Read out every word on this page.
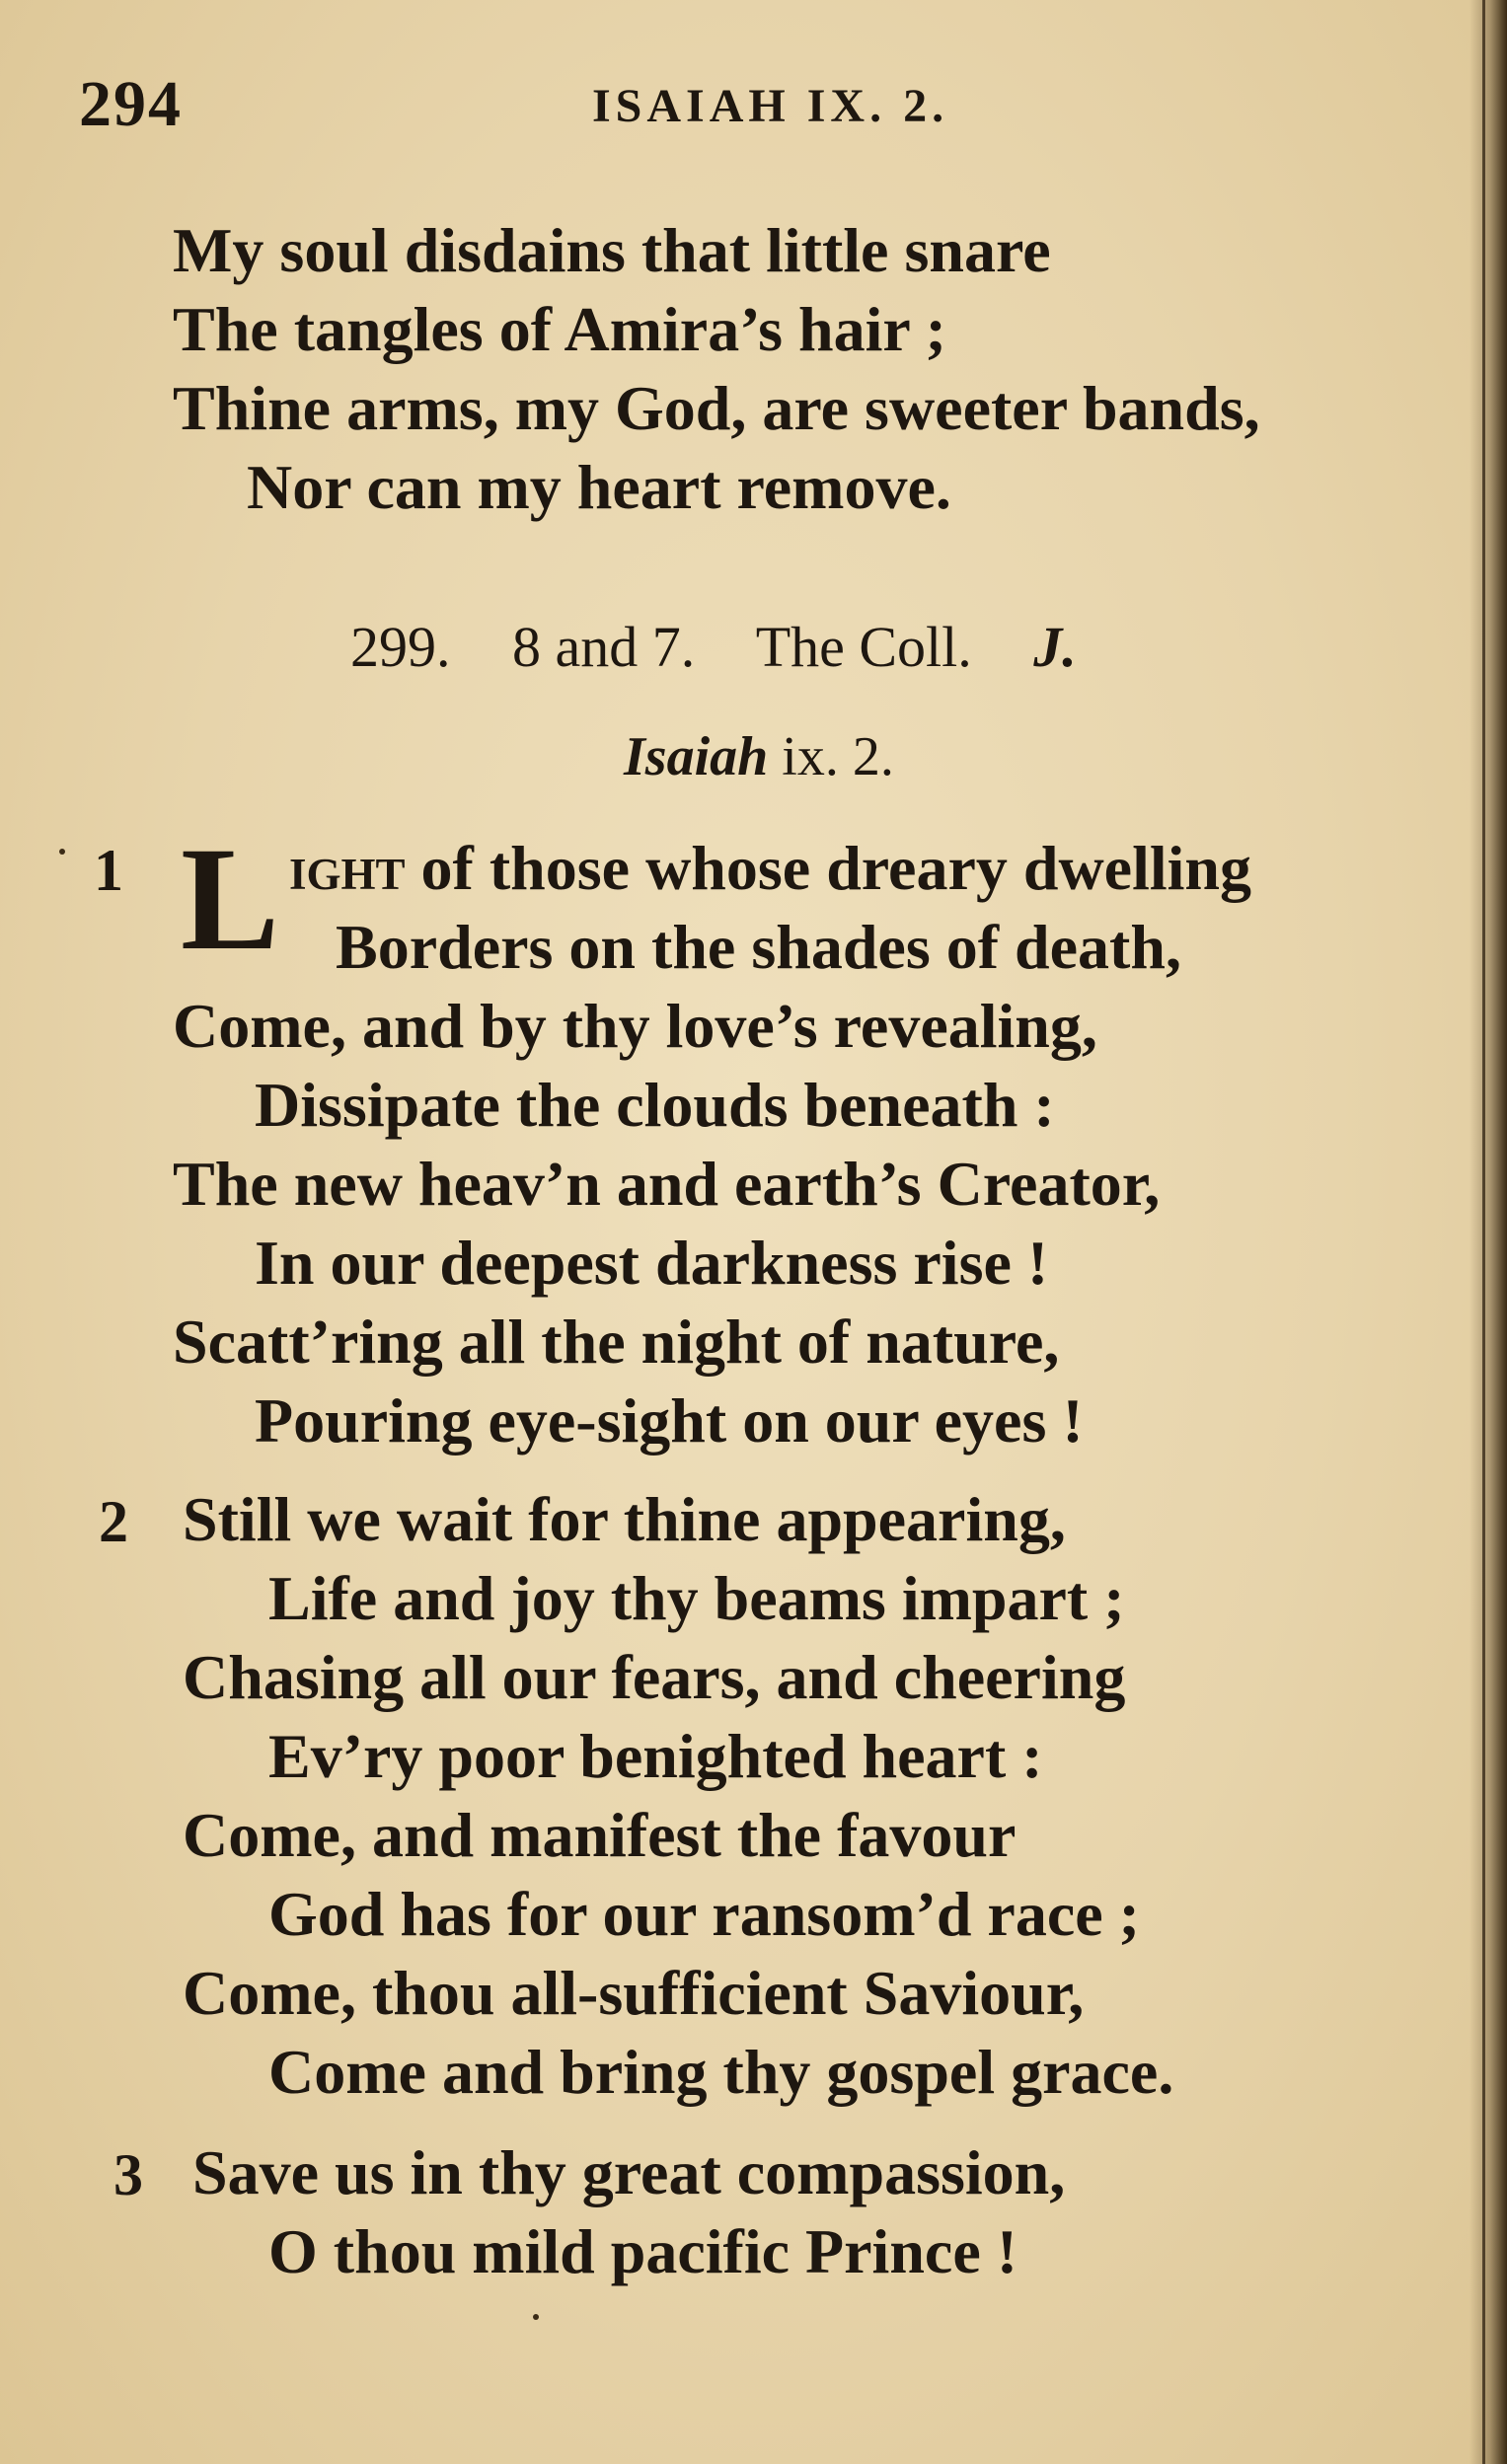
294	ISAIAH IX. 2.
My soul disdains that little snare
The tangles of Amira’s hair ;
Thine arms, my God, are sweeter bands,
Nor can my heart remove.
299. 8 and 7. The Coll. J.
Isaiah ix. 2.
1 L ight of those whose dreary dwelling
Borders on the shades of death,
Come, and by thy love’s revealing,
Dissipate the clouds beneath :
The new heav’n and earth’s Creator,
In our deepest darkness rise !
Scatt’ring all the night of nature,
Pouring eye-sight on our eyes !
2 Still we wait for thine appearing,
Life and joy thy beams impart ;
Chasing all our fears, and cheering
Ev’ry poor benighted heart :
Come, and manifest the favour
God has for our ransom’d race ;
Come, thou all-sufficient Saviour,
Come and bring thy gospel grace.
3 Save us in thy great compassion,
O thou mild pacific Prince !
